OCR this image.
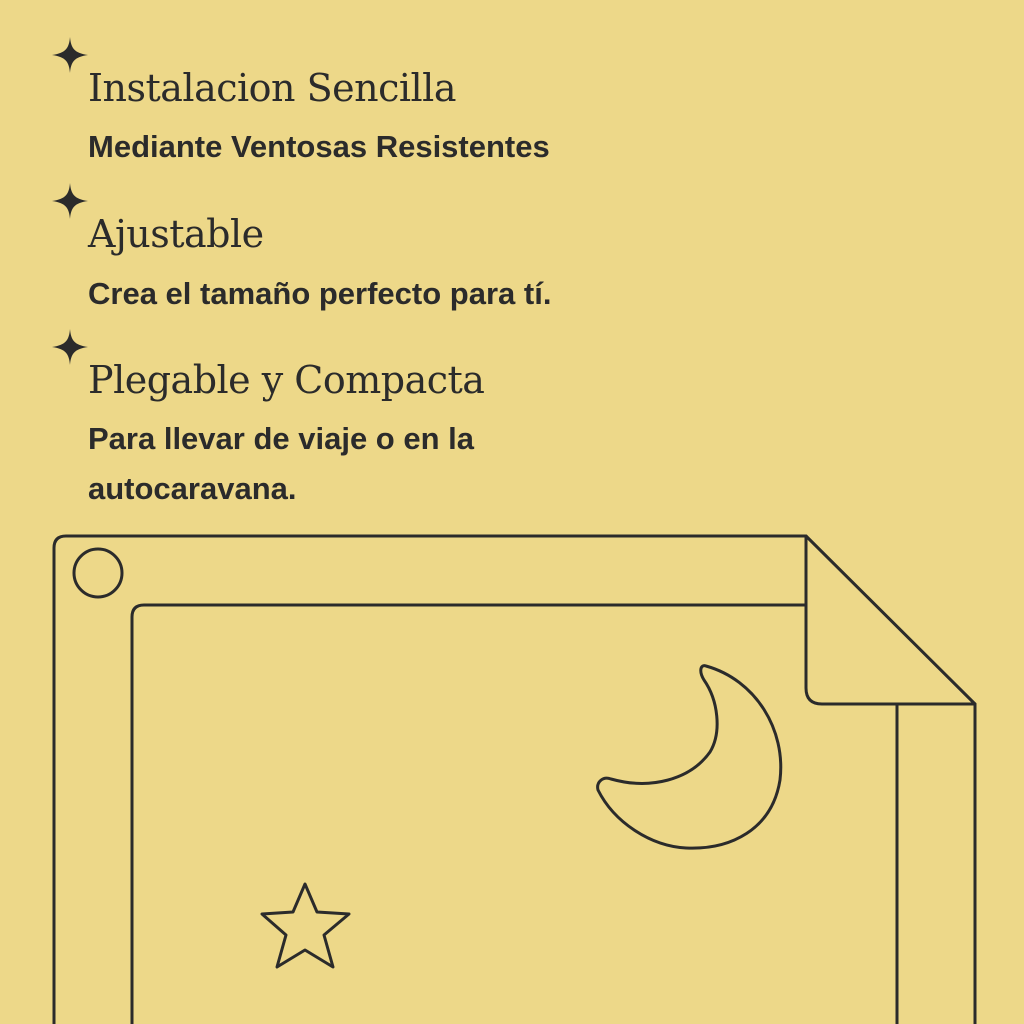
Instalacion Sencilla

Mediante Ventosas Resistentes

Ajustable

Crea el tamaño perfecto para tí.

Plegable y Compacta

Para llevar de viaje o en la autocaravana.
